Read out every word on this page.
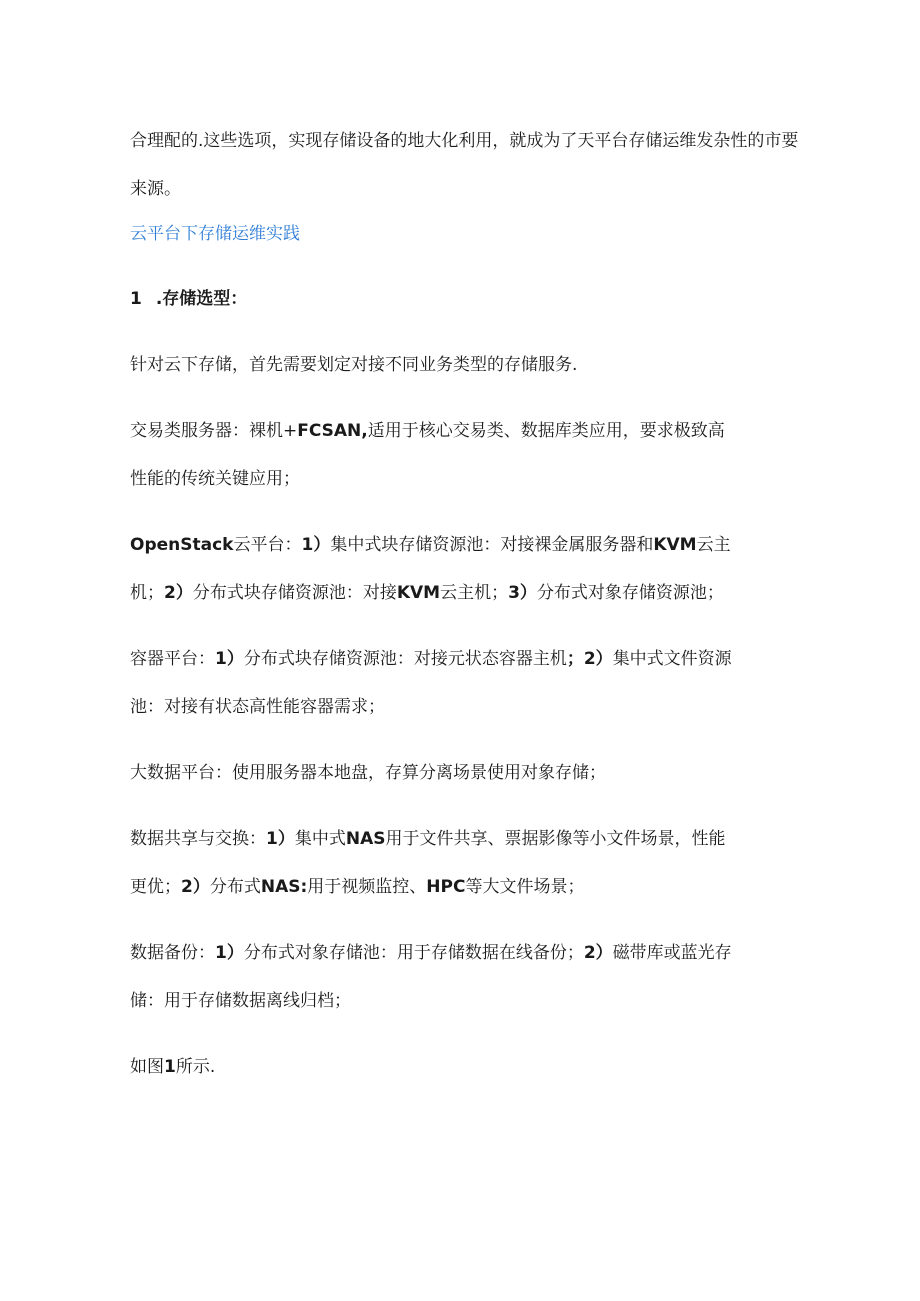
合理配的.这些选项，实现存储设备的地大化利用，就成为了天平台存储运维发杂性的市要
来源。
云平台下存储运维实践
1 .存储选型：
针对云下存储，首先需要划定对接不同业务类型的存储服务.
交易类服务器：裸机+FCSAN,适用于核心交易类、数据库类应用，要求极致高
性能的传统关键应用；
OpenStack云平台：1）集中式块存储资源池：对接裸金属服务器和KVM云主
机；2）分布式块存储资源池：对接KVM云主机；3）分布式对象存储资源池；
容器平台：1）分布式块存储资源池：对接元状态容器主机；2）集中式文件资源
池：对接有状态高性能容器需求；
大数据平台：使用服务器本地盘，存算分离场景使用对象存储；
数据共享与交换：1）集中式NAS用于文件共享、票据影像等小文件场景，性能
更优；2）分布式NAS:用于视频监控、HPC等大文件场景；
数据备份：1）分布式对象存储池：用于存储数据在线备份；2）磁带库或蓝光存
储：用于存储数据离线归档；
如图1所示.
